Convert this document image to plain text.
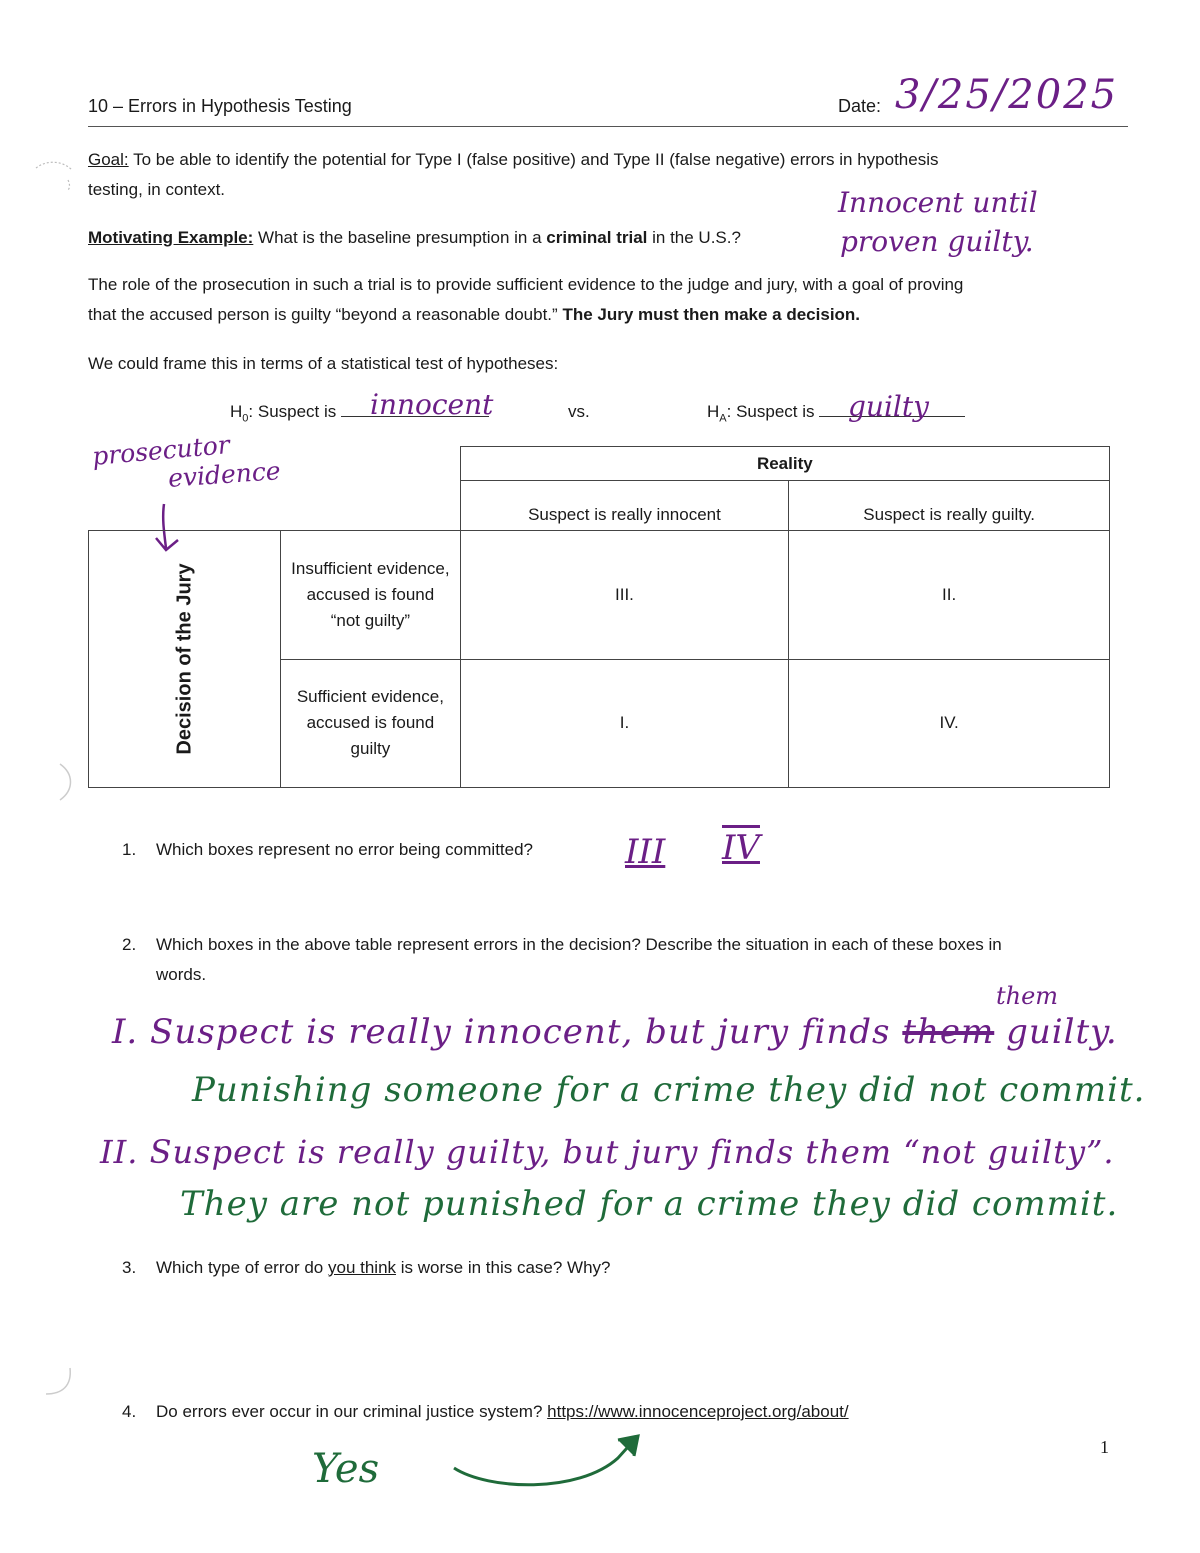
10 – Errors in Hypothesis Testing	Date: 3/25/2025
Goal: To be able to identify the potential for Type I (false positive) and Type II (false negative) errors in hypothesis
testing, in context.
Motivating Example: What is the baseline presumption in a criminal trial in the U.S.?
Innocent until
proven guilty.
The role of the prosecution in such a trial is to provide sufficient evidence to the judge and jury, with a goal of proving
that the accused person is guilty “beyond a reasonable doubt.” The Jury must then make a decision.
We could frame this in terms of a statistical test of hypotheses:
$H_0$: Suspect is	innocent	vs.	$H_A$: Suspect is	guilty
prosecutor
evidence
			Reality	
		Suspect is really innocent	Suspect is really guilty.
Decision of the Jury	Insufficient evidence,
accused is found
“not guilty”	III.	II.
	Sufficient evidence,
accused is found
guilty	I.	IV.
1. Which boxes represent no error being committed?	III IV
2. Which boxes in the above table represent errors in the decision? Describe the situation in each of these boxes in
words.
them
I. Suspect is really innocent, but jury finds them guilty.
Punishing someone for a crime they did not commit.
II. Suspect is really guilty, but jury finds them “not guilty”.
They are not punished for a crime they did commit.
3. Which type of error do you think is worse in this case? Why?
4. Do errors ever occur in our criminal justice system? https://www.innocenceproject.org/about/
Yes	1
